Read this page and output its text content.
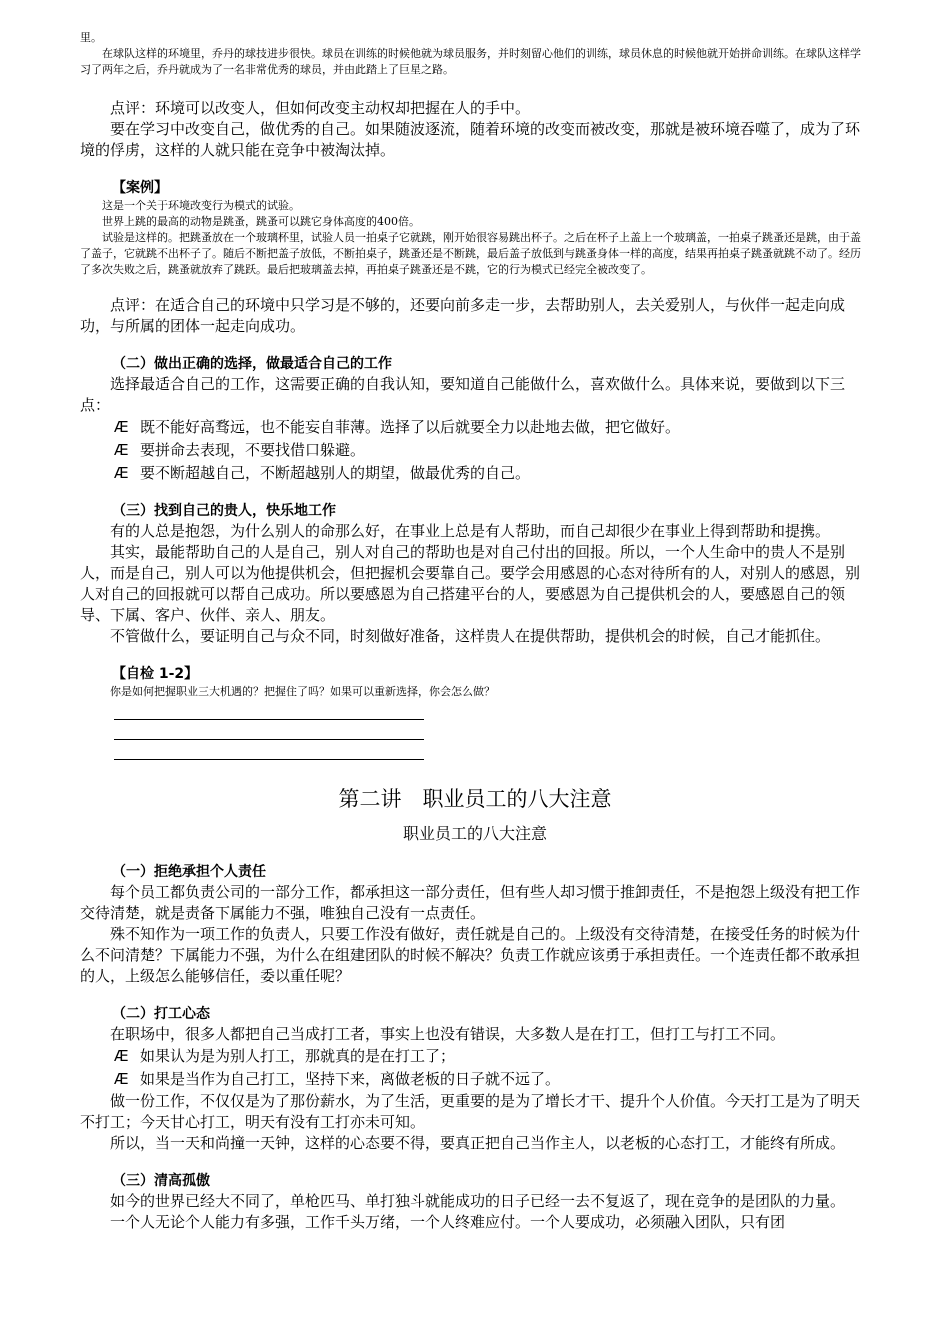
里。

在球队这样的环境里，乔丹的球技进步很快。球员在训练的时候他就为球员服务，并时刻留心他们的训练，球员休息的时候他就开始拼命训练。在球队这样学习了两年之后，乔丹就成为了一名非常优秀的球员，并由此踏上了巨星之路。

点评：环境可以改变人，但如何改变主动权却把握在人的手中。

要在学习中改变自己，做优秀的自己。如果随波逐流，随着环境的改变而被改变，那就是被环境吞噬了，成为了环境的俘虏，这样的人就只能在竞争中被淘汰掉。

【案例】

这是一个关于环境改变行为模式的试验。

世界上跳的最高的动物是跳蚤，跳蚤可以跳它身体高度的400倍。

试验是这样的。把跳蚤放在一个玻璃杯里，试验人员一拍桌子它就跳，刚开始很容易跳出杯子。之后在杯子上盖上一个玻璃盖，一拍桌子跳蚤还是跳，由于盖了盖子，它就跳不出杯子了。随后不断把盖子放低，不断拍桌子，跳蚤还是不断跳，最后盖子放低到与跳蚤身体一样的高度，结果再拍桌子跳蚤就跳不动了。经历了多次失败之后，跳蚤就放弃了跳跃。最后把玻璃盖去掉，再拍桌子跳蚤还是不跳，它的行为模式已经完全被改变了。

点评：在适合自己的环境中只学习是不够的，还要向前多走一步，去帮助别人，去关爱别人，与伙伴一起走向成功，与所属的团体一起走向成功。

（二）做出正确的选择，做最适合自己的工作

选择最适合自己的工作，这需要正确的自我认知，要知道自己能做什么，喜欢做什么。具体来说，要做到以下三点：

Æ 既不能好高骛远，也不能妄自菲薄。选择了以后就要全力以赴地去做，把它做好。

Æ 要拼命去表现，不要找借口躲避。

Æ 要不断超越自己，不断超越别人的期望，做最优秀的自己。

（三）找到自己的贵人，快乐地工作

有的人总是抱怨，为什么别人的命那么好，在事业上总是有人帮助，而自己却很少在事业上得到帮助和提携。

其实，最能帮助自己的人是自己，别人对自己的帮助也是对自己付出的回报。所以，一个人生命中的贵人不是别人，而是自己，别人可以为他提供机会，但把握机会要靠自己。要学会用感恩的心态对待所有的人，对别人的感恩，别人对自己的回报就可以帮自己成功。所以要感恩为自己搭建平台的人，要感恩为自己提供机会的人，要感恩自己的领导、下属、客户、伙伴、亲人、朋友。

不管做什么，要证明自己与众不同，时刻做好准备，这样贵人在提供帮助，提供机会的时候，自己才能抓住。

【自检 1-2】

你是如何把握职业三大机遇的？把握住了吗？如果可以重新选择，你会怎么做？

第二讲　职业员工的八大注意

职业员工的八大注意

（一）拒绝承担个人责任

每个员工都负责公司的一部分工作，都承担这一部分责任，但有些人却习惯于推卸责任，不是抱怨上级没有把工作交待清楚，就是责备下属能力不强，唯独自己没有一点责任。

殊不知作为一项工作的负责人，只要工作没有做好，责任就是自己的。上级没有交待清楚，在接受任务的时候为什么不问清楚？下属能力不强，为什么在组建团队的时候不解决？负责工作就应该勇于承担责任。一个连责任都不敢承担的人，上级怎么能够信任，委以重任呢？

（二）打工心态

在职场中，很多人都把自己当成打工者，事实上也没有错误，大多数人是在打工，但打工与打工不同。

Æ 如果认为是为别人打工，那就真的是在打工了；

Æ 如果是当作为自己打工，坚持下来，离做老板的日子就不远了。

做一份工作，不仅仅是为了那份薪水，为了生活，更重要的是为了增长才干、提升个人价值。今天打工是为了明天不打工；今天甘心打工，明天有没有工打亦未可知。

所以，当一天和尚撞一天钟，这样的心态要不得，要真正把自己当作主人，以老板的心态打工，才能终有所成。

（三）清高孤傲

如今的世界已经大不同了，单枪匹马、单打独斗就能成功的日子已经一去不复返了，现在竞争的是团队的力量。

一个人无论个人能力有多强，工作千头万绪，一个人终难应付。一个人要成功，必须融入团队，只有团
